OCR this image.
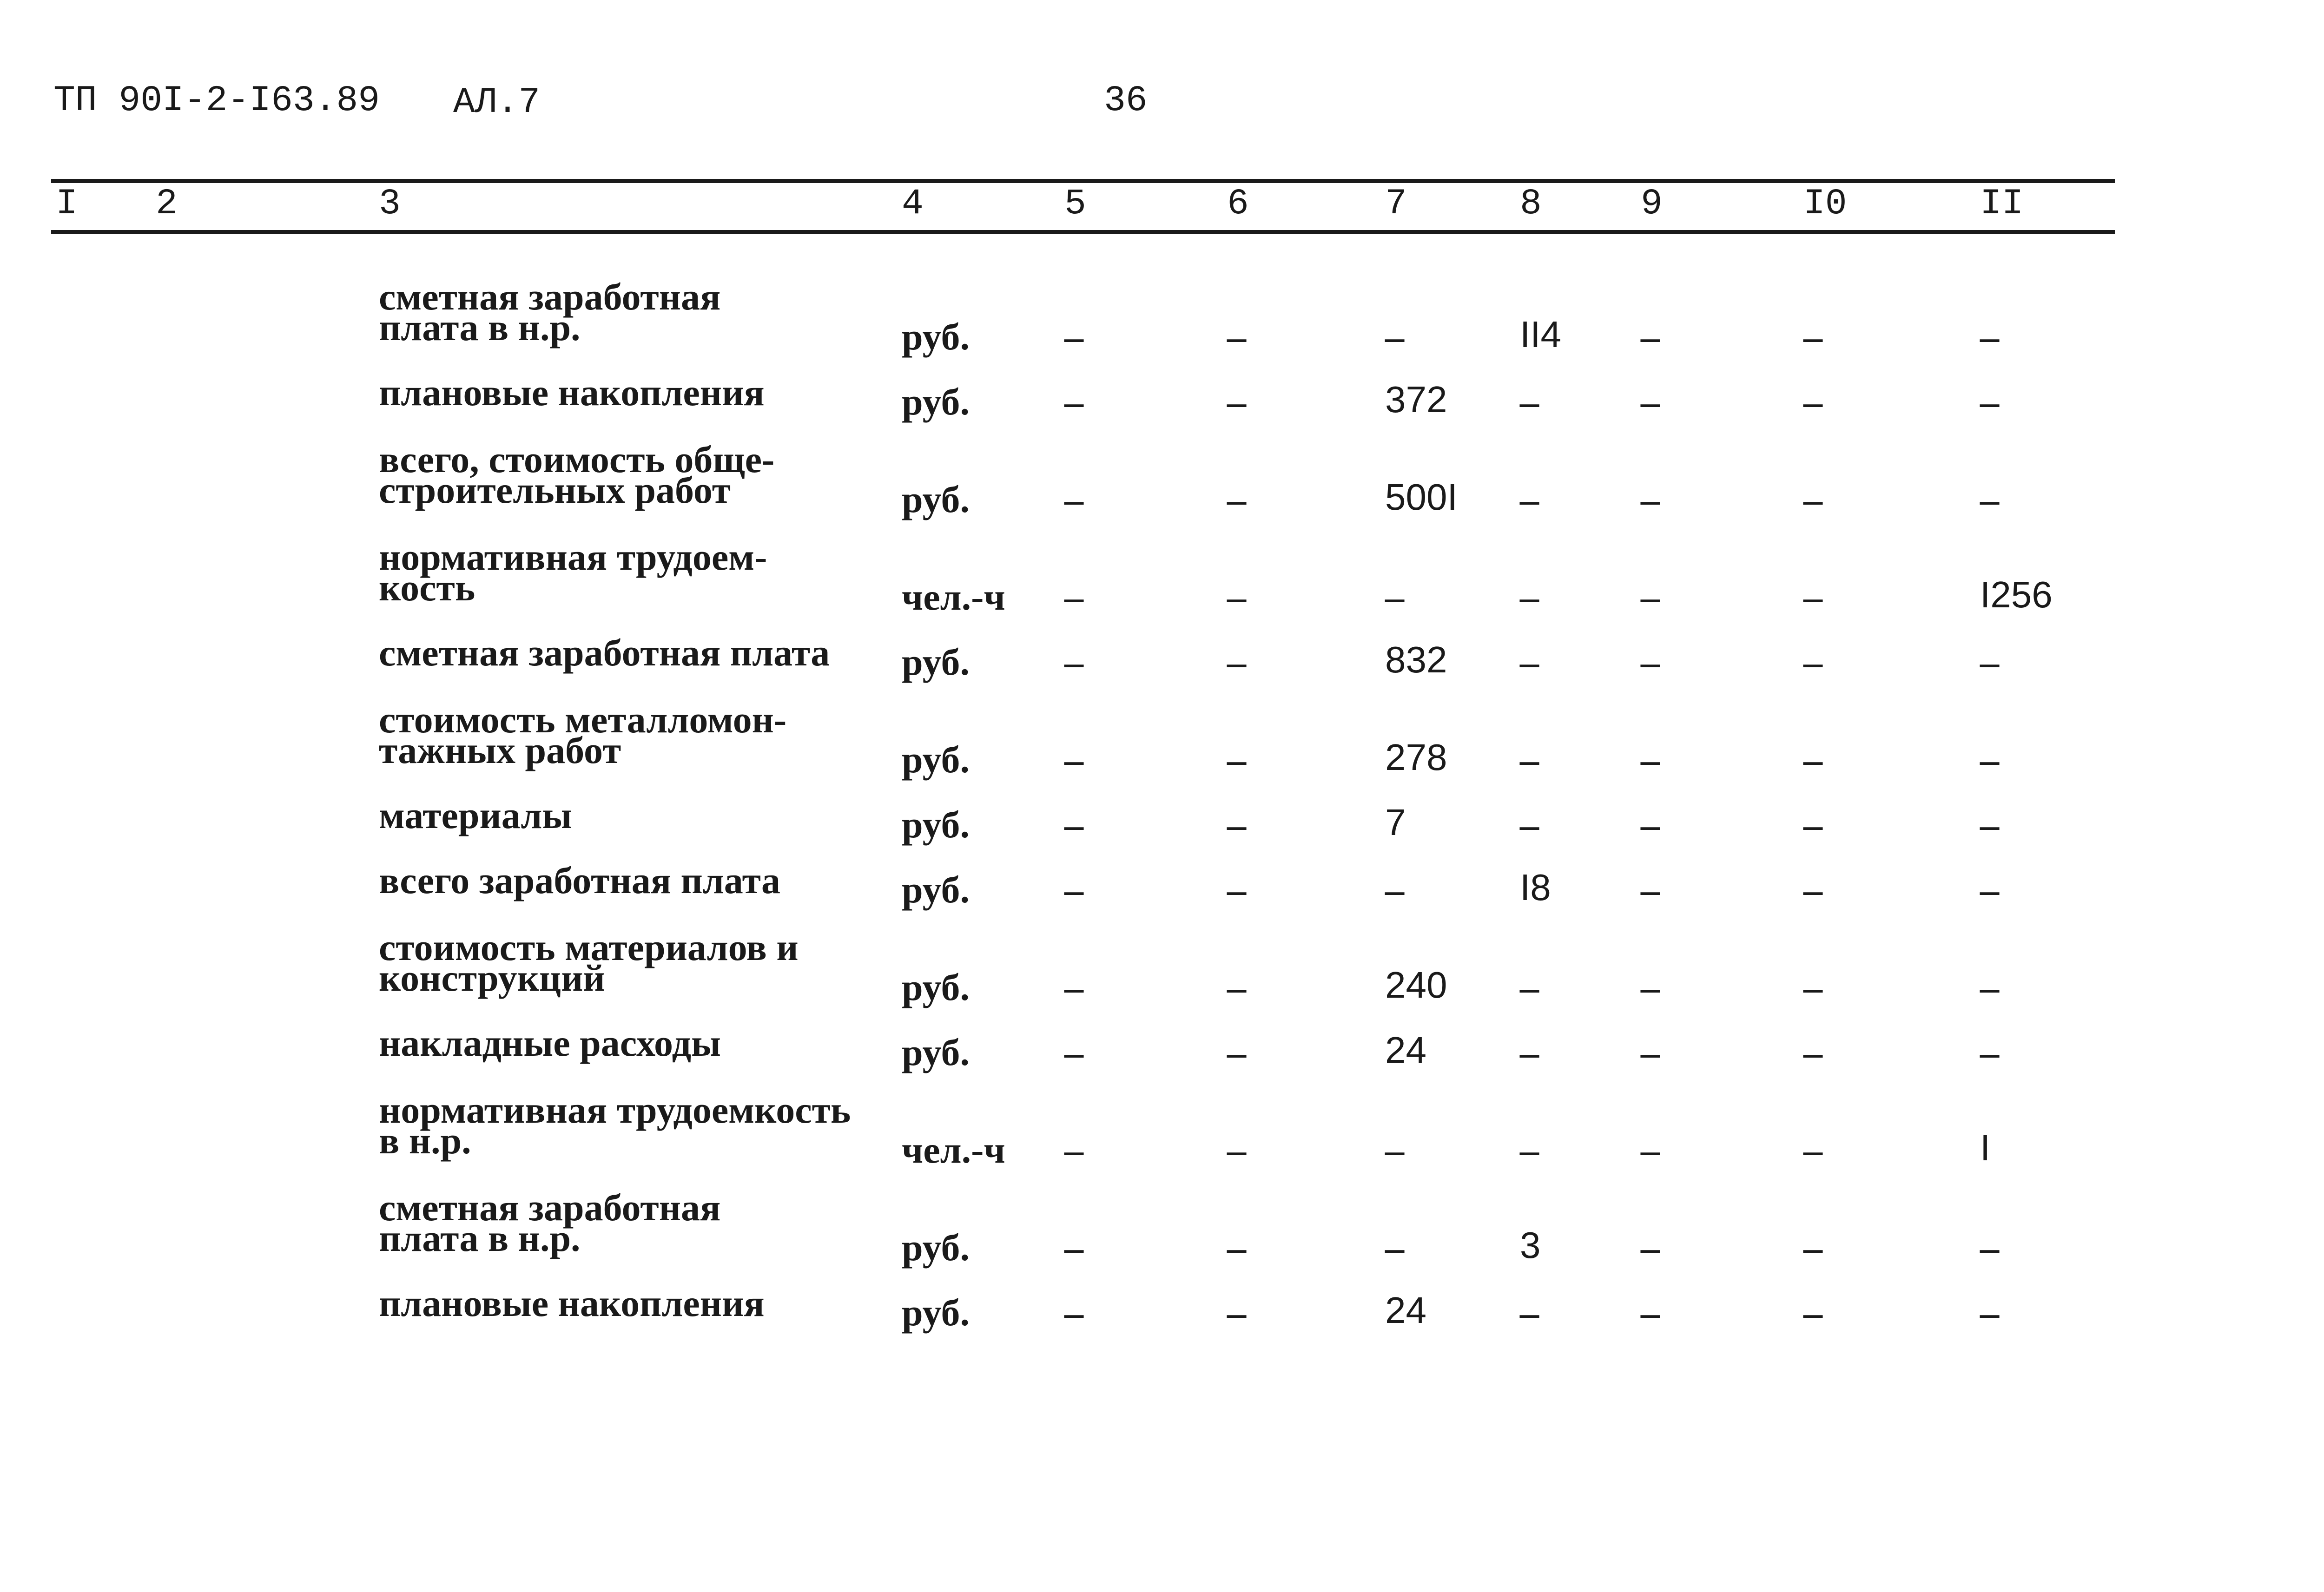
ТП 90I-2-I63.89 АЛ.7	36
I 2	3	4	5	6	7	8	9	I0	II
сметная заработная
плата в н.р.	руб. –	–	–	II4 –	–	–
плановые накопления	руб. –	–	372 –	–	–	–
всего, стоимость обще-
строительных работ	руб. –	–	500I –	–	–	–
нормативная трудоем-
кость	чел.-ч –	–	–	–	–	–	I256
сметная заработная плата	руб. –	–	832 –	–	–	–
стоимость металломон-
тажных работ	руб. –	–	278 –	–	–	–
материалы	руб. –	–	7	–	–	–	–
всего заработная плата	руб. –	–	–	I8 –	–	–
стоимость материалов и
конструкций	руб. –	–	240 –	–	–	–
накладные расходы	руб. –	–	24 –	–	–	–
нормативная трудоемкость
в н.р.	чел.-ч –	–	–	–	–	–	I
сметная заработная
плата в н.р.	руб. –	–	–	3	–	–	–
плановые накопления	руб. –	–	24 –	–	–	–
